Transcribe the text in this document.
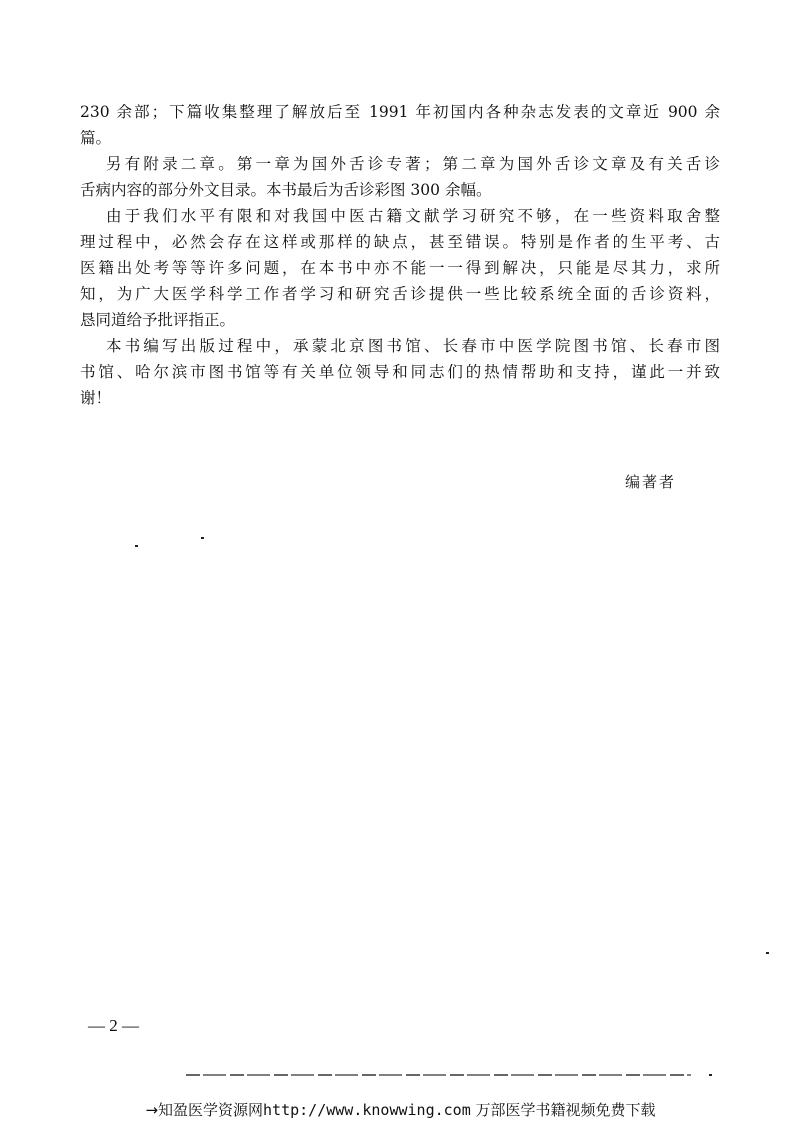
230 余部；下篇收集整理了解放后至 1991 年初国内各种杂志发表的文章近 900 余
篇。
另有附录二章。第一章为国外舌诊专著；第二章为国外舌诊文章及有关舌诊
舌病内容的部分外文目录。本书最后为舌诊彩图 300 余幅。
由于我们水平有限和对我国中医古籍文献学习研究不够，在一些资料取舍整
理过程中，必然会存在这样或那样的缺点，甚至错误。特别是作者的生平考、古
医籍出处考等等许多问题，在本书中亦不能一一得到解决，只能是尽其力，求所
知，为广大医学科学工作者学习和研究舌诊提供一些比较系统全面的舌诊资料，
恳同道给予批评指正。
本书编写出版过程中，承蒙北京图书馆、长春市中医学院图书馆、长春市图
书馆、哈尔滨市图书馆等有关单位领导和同志们的热情帮助和支持，谨此一并致
谢！
编著者
— 2 —
→知盈医学资源网http://www.knowwing.com 万部医学书籍视频免费下载
